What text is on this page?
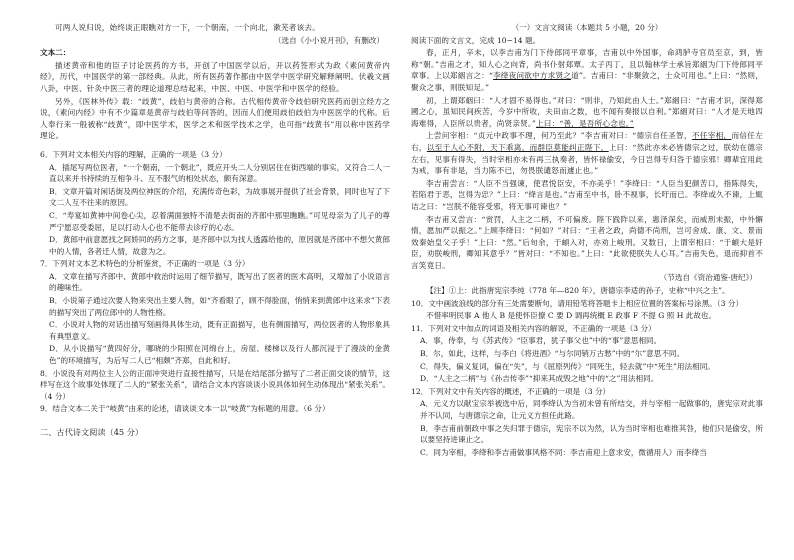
可两人说归说，始终谈正眼瞧对方一下，一个朝南，一个向北，漱芜者该去。

（选自《小小说月刊》，有删改）

文本二：

描述黄帝和他的臣子讨论医药的方书，开创了中国医学以后，开以药签形式为政《素问黄帝内经》，历代，中国医学的第一部经典。从此，所有医药著作都由中医学中医学研究解释阐明。伏羲文画八卦，中医、针灸中医三者的理论道理总结起来，中医、中医、中医学和中医学的经验。

另外，《医林外传》载：“歧黄”，歧伯与黄帝的合称。古代相传黄帝令歧伯研究医药而创立经方之说，《素问内经》中有不少篇章是黄帝与歧伯等问答的，因而人们便用歧伯歧伯为中医医学的代称。后人奉行来一般被称“歧黄”，即中医学术，医学之术和医学技术之学，也可指“歧黄书”用以称中医药学理论。

6．下列对文本相关内容的理解，正确的一项是（3 分）

A．插尾写两位医者，“一个朝南，一个朝北”，既应开头二人分别居住在街西端的事实，又符合二人一直以来并书持续的互相争斗、互不服气的相处状态，颇有深意。

B．文章开篇对闲话街及两位神医的介绍，充满传奇色彩，为故事展开提供了社会背景，同时也写了下文二人互不往来的原因。

C．“寿宴如黄神中间卷心尖，忍着满面独特不清楚去街南的齐郎中那里瞧瞧。”可见母亲为了儿子的尊严宁愿忍受委屈，足以打动人心也不能带去诊疗的心态。

D．黄郎中前意愿找之阿娇同的药方之事，是齐郎中以为找人透露给他的，原因就是齐郎中不想欠黄郎中的人情，各者迁人情，故意为之。

7．下列对文本艺术特色的分析鉴赏，不正确的一项是（3 分）

A．文章在描写齐郎中、黄郎中救治时运用了细节描写，既写出了医者的医术高明，又增加了小说语言的趣味性。

B．小说第子通过次要人物来突出主要人物，如“齐看眼了，顾不得脸面，悄悄来到黄郎中这来求”下表的描写突出了两位郎中的人物性格。

C．小说对人物的对话出描写刻画得具体生动，既有正面描写，也有侧面描写，两位医者的人物形象具有典型意义。

D．从小说描写“黄四好分，哪晓的少阳照在河绵台上，房屋、楼梯以及行人都沉浸于了漫淡的金黄色”的环境描写，为后写二人已“相颇”齐郑，自此和好。

8．小说没有对两位主人公的正面冲突进行直接性描写，只是在结尾部分描写了二者正面交谈的情节，这样写在这个故事处体现了二人的“紧张关系”，请结合文本内容谈谈小说具体如何生动体现出“紧张关系”。（4 分）

9．结合文本二关于“岐黄”由来的论述，请谈谈文本一以“岐黄”为标题的用意。（6 分）

二、古代诗文阅读（45 分）

（一）文言文阅读（本题共 5 小题，20 分）

阅读下面的文言文，完成 10~14 题。

春，正月，辛未，以李吉甫为门下侍郎同平章事，吉甫以中外国事，命鸿胪寺官员至京，到，皆称“朝。”吉甫之才，知人心之向背，尚书仆射郑覃。太子丙丁，且以翰林学士承旨郑絪为门下侍郎同平章事。上以郑絪言之：“李绛夜问欲中方求贤之道”。吉甫曰：“非聚敛之，士众可用也。”上曰：“然则，聚众之事，则朕知足。”

初，上谓郑絪曰：“人才固不易得也。”对曰：“则非，乃知此由人士。”郑絪曰：“吉甫才识，深得郑國之心，虽知民间疾苦，今岁中所收，夫田亩之数，也不闻有奏报以自利。”郑絪对曰：“人才是天地四海难得，人臣所以贵者，尚贤亲贤。”上曰：“善，是吾所心念也。”

上尝问宰相：“贞元中政事不理，何乃至此？”李吉甫对曰：“德宗自任圣智，不任宰相，而信任左右，以至于人心不附，天下乖离，而群臣莫能纠正陛下，上曰：“然此亦未必皆德宗之过，朕幼在德宗左右，见事有得失，当时宰相亦未有再三执奏者，皆怀禄偷安，今日岂得专归咎于德宗邪！卿辈宜用此为戒，事有非是，当力陈不已，勿畏朕谴怒而遽止也。”

李吉甫尝言：“人臣不当强谏，使君悦臣安，不亦美乎！”李绛曰：“人臣当犯颜苦口，指陈得失，若陷君于恶，岂得为忠？”上曰：“绛言是也。”吉甫至中书，卧不视事，长吁而已。李绛或久不谏，上辄诘之曰：“岂朕不能容受邪，将无事可谏也？”

李吉甫又尝言：“赏罚，人主之二柄，不可偏废。陛下践阼以来，惠泽深矣，而威刑未振，中外懈惰，愿加严以振之。”上顾李绛曰：“何如？”对曰：“王者之政，尚德不尚刑，岂可舍成、康、文、景而效秦始皇父子乎！”上曰：“然。”后旬余，于頔入对，亦劝上峻刑。又数日，上谓宰相曰：“于頔大是奸臣，劝朕峻刑，卿知其意乎？”皆对曰：“不知也。”上曰：“此欲使朕失人心耳。”吉甫失色，退而抑首不言笑竟日。

（节选自《资治通鉴·唐纪》）

【注】①上：此指唐宪宗李纯（778 年—820 年），唐德宗李适的孙子，史称“中兴之主”。

10．文中画波浪线的部分有三处需要断句，请用铅笔将答题卡上相应位置的答案标号涂黑。（3 分）

不惜率明民事 A 他人 B 是使怀臣僚 C 要 D 调再统概 E 政事 F 不提 G 照 H 此故也。

11．下列对文中加点的词语及相关内容的解说，不正确的一项是（3 分）

A．事，侍奉，与《苏武传》“臣事君，犹子事父也”中的“事”意思相同。

B．尔，如此，这样，与李白《将进酒》“与尔同销万古愁”中的“尔”意思不同。

C．得失，偏义复词，偏在“失”，与《屈原列传》“同死生，轻去就”中“死生”用法相同。

D．“人主之二柄”与《孙吉传李”“抑来其成毁之地”中的“之”用法相同。

12．下列对文中有关内容的概述，不正确的一项是（3 分）

A．元义方以献宝宗举被选中后，同季绛认为当初未曾有所结交，并与宰相一起做事的，唐宪宗对此事并不认同，与唐德宗之命，让元义方担任此路。

B．李吉甫前朝政中事之失归罪于德宗，宪宗不以为然，认为当时宰相也难推其咎，他们只是偷安，所以要坚持进谏止之。

C．同为宰相，李绛和李吉甫做事风格不同：李吉甫迎上意求安，微循用人）而李绛当
